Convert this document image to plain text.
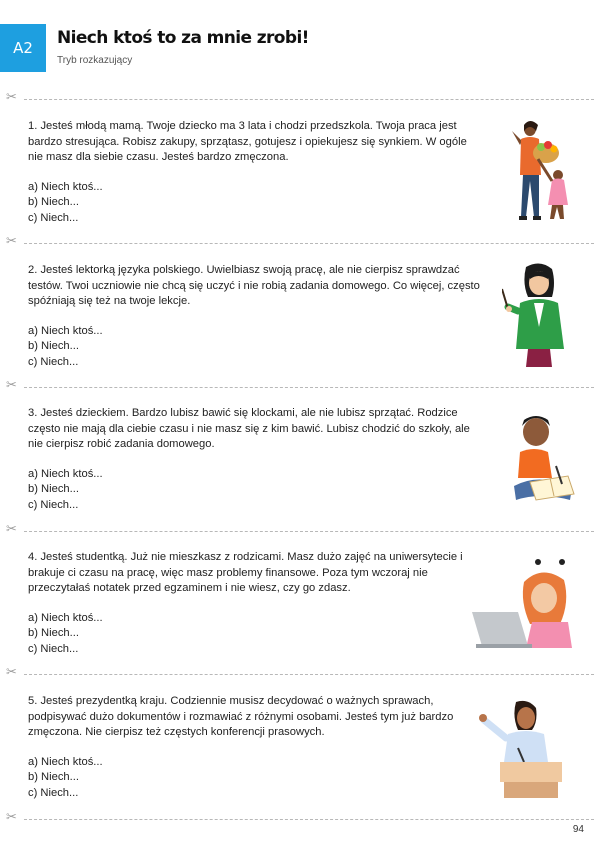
A2	Niech ktoś to za mnie zrobi!
Tryb rozkazujący
✂
✂
✂
✂
✂
✂

1. Jesteś młodą mamą. Twoje dziecko ma 3 lata i chodzi przedszkola. Twoja praca jest bardzo stresująca. Robisz zakupy, sprzątasz, gotujesz i opiekujesz się synkiem. W ogóle nie masz dla siebie czasu. Jesteś bardzo zmęczona.

a) Niech ktoś...
b) Niech...
c) Niech...

2. Jesteś lektorką języka polskiego. Uwielbiasz swoją pracę, ale nie cierpisz sprawdzać testów. Twoi uczniowie nie chcą się uczyć i nie robią zadania domowego. Co więcej, często spóźniają się też na twoje lekcje.

a) Niech ktoś...
b) Niech...
c) Niech...

3. Jesteś dzieckiem. Bardzo lubisz bawić się klockami, ale nie lubisz sprzątać. Rodzice często nie mają dla ciebie czasu i nie masz się z kim bawić. Lubisz chodzić do szkoły, ale nie cierpisz robić zadania domowego.

a) Niech ktoś...
b) Niech...
c) Niech...

4. Jesteś studentką. Już nie mieszkasz z rodzicami. Masz dużo zajęć na uniwersytecie i brakuje ci czasu na pracę, więc masz problemy finansowe. Poza tym wczoraj nie przeczytałaś notatek przed egzaminem i nie wiesz, czy go zdasz.

a) Niech ktoś...
b) Niech...
c) Niech...

5. Jesteś prezydentką kraju. Codziennie musisz decydować o ważnych sprawach, podpisywać dużo dokumentów i rozmawiać z różnymi osobami. Jesteś tym już bardzo zmęczona. Nie cierpisz też częstych konferencji prasowych.

a) Niech ktoś...
b) Niech...
c) Niech...
94
